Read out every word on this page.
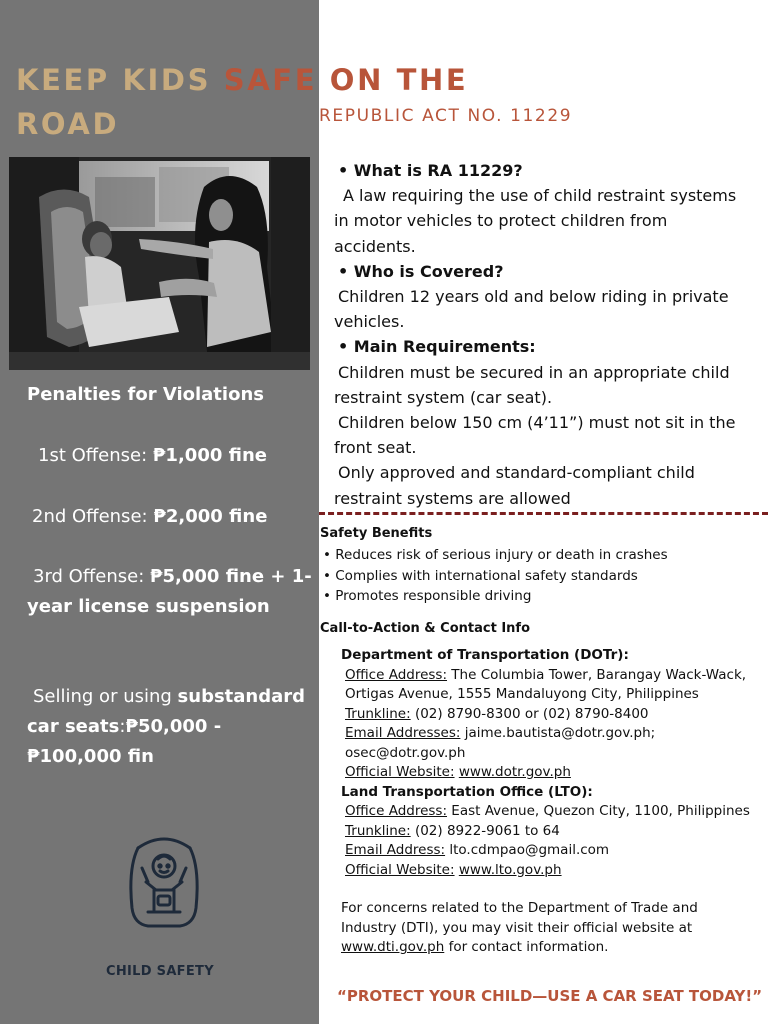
KEEP KIDS SAFE ON THE
ROAD	REPUBLIC ACT NO. 11229
Penalties for Violations

1st Offense: ₱1,000 fine

2nd Offense: ₱2,000 fine

3rd Offense: ₱5,000 fine + 1-year license suspension

Selling or using substandard car seats:₱50,000 - ₱100,000 fin

CHILD SAFETY

• What is RA 11229?

A law requiring the use of child restraint systems in motor vehicles to protect children from accidents.

• Who is Covered?

Children 12 years old and below riding in private vehicles.

• Main Requirements:

Children must be secured in an appropriate child restraint system (car seat).

Children below 150 cm (4’11”) must not sit in the front seat.

Only approved and standard-compliant child restraint systems are allowed

Safety Benefits
• Reduces risk of serious injury or death in crashes
• Complies with international safety standards
• Promotes responsible driving
Call-to-Action & Contact Info

Department of Transportation (DOTr):

Office Address: The Columbia Tower, Barangay Wack-Wack, Ortigas Avenue, 1555 Mandaluyong City, Philippines

Trunkline: (02) 8790-8300 or (02) 8790-8400

Email Addresses: jaime.bautista@dotr.gov.ph; osec@dotr.gov.ph

Official Website: www.dotr.gov.ph

Land Transportation Office (LTO):

Office Address: East Avenue, Quezon City, 1100, Philippines

Trunkline: (02) 8922-9061 to 64

Email Address: lto.cdmpao@gmail.com

Official Website: www.lto.gov.ph

For concerns related to the Department of Trade and Industry (DTI), you may visit their official website at www.dti.gov.ph for contact information.

“PROTECT YOUR CHILD—USE A CAR SEAT TODAY!”
